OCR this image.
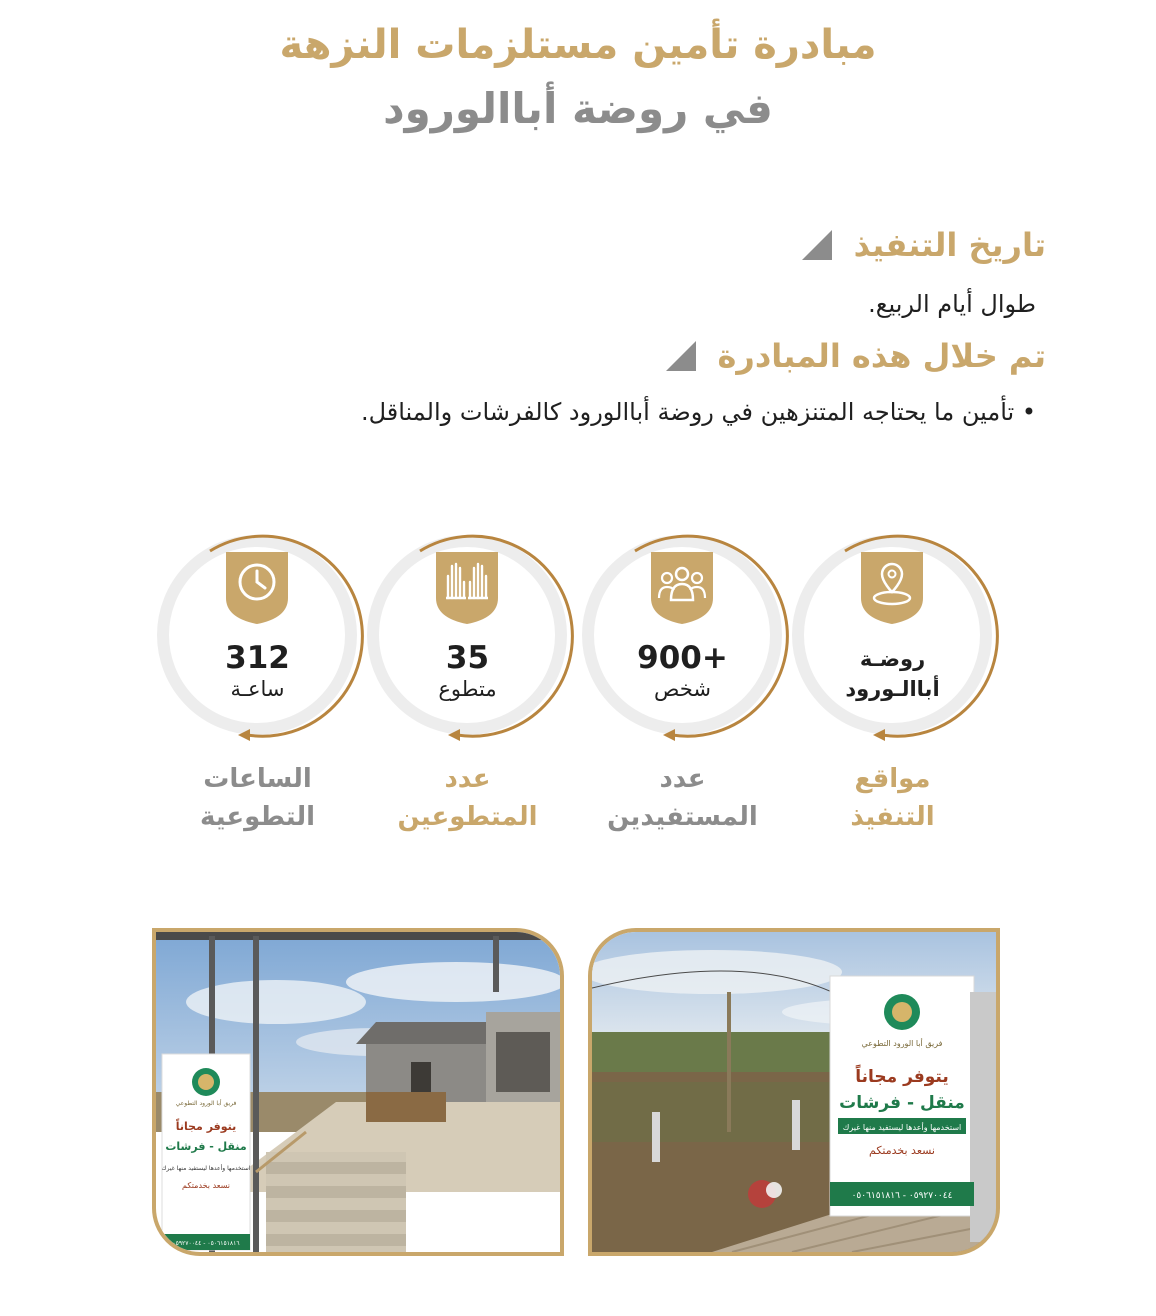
مبادرة تأمين مستلزمات النزهة
في روضة أباالورود
تاريخ التنفيذ
طوال أيام الربيع.
تم خلال هذه المبادرة
• تأمين ما يحتاجه المتنزهين في روضة أباالورود كالفرشات والمناقل.
روضـة
أباالـورود
مواقع
التنفيذ
900+
شخص
عدد
المستفيدين
35
متطوع
عدد
المتطوعين
312
ساعـة
الساعات
التطوعية
يتوفر مجاناً
منقل - فرشات
استخدمها وأعدها ليستفيد منها غيرك
نسعد بخدمتكم
فريق أبا الورود التطوعي
٠٥٠٦١٥١٨١٦ - ٠٥٩٢٧٠٠٤٤
فريق أبا الورود التطوعي
يتوفر مجاناً
منقل - فرشات
استخدمها وأعدها ليستفيد منها غيرك
نسعد بخدمتكم
٠٥٩٢٧٠٠٤٤ - ٠٥٠٦١٥١٨١٦
